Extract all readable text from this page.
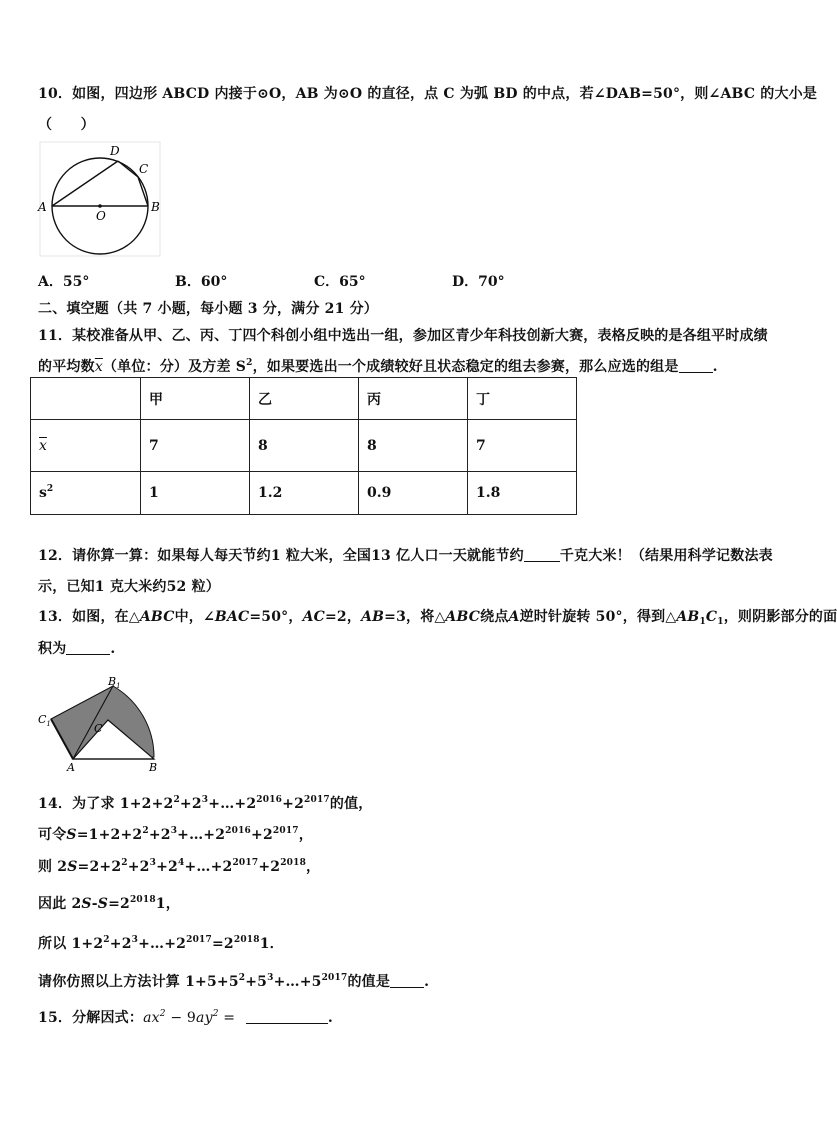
10．如图，四边形 ABCD 内接于⊙O，AB 为⊙O 的直径，点 C 为弧 BD 的中点，若∠DAB=50°，则∠ABC 的大小是
（　　）
A	B
C
D
O
A．55°	B．60°	C．65°	D．70°
二、填空题（共 7 小题，每小题 3 分，满分 21 分）
11．某校准备从甲、乙、丙、丁四个科创小组中选出一组，参加区青少年科技创新大赛，表格反映的是各组平时成绩
的平均数$\overline{x}$（单位：分）及方差 $S^2$，如果要选出一个成绩较好且状态稳定的组去参赛，那么应选的组是 .
	甲	乙	丙	丁
$\overline{x}$	7	8	8	7
$s^2$	1	1.2	0.9	1.8
12．请你算一算：如果每人每天节约1 粒大米，全国13 亿人口一天就能节约	千克大米！（结果用科学记数法表
示，已知1 克大米约52 粒）
13．如图，在△ABC中，∠BAC=50°，AC=2，AB=3，将△ABC绕点A逆时针旋转 50°，得到$\triangle AB_1C_1$，则阴影部分的面
积为	.
$B_1$
$C_1$	C
A	B
14．为了求 $1+2+2^2+2^3+\dots+2^{2016}+2^{2017}$的值，
可令$S=1+2+2^2+2^3+\dots+2^{2016}+2^{2017}$，
则 $2S=2+2^2+2^3+2^4+\dots+2^{2017}+2^{2018}$，
因此 $2S-S=2^{2018}1$，
所以 $1+2^2+2^3+\dots+2^{2017}=2^{2018}1$．
请你仿照以上方法计算 $1+5+5^2+5^3+\dots+5^{2017}$的值是 .
15．分解因式：$ax^2 - 9ay^2$ =	.
